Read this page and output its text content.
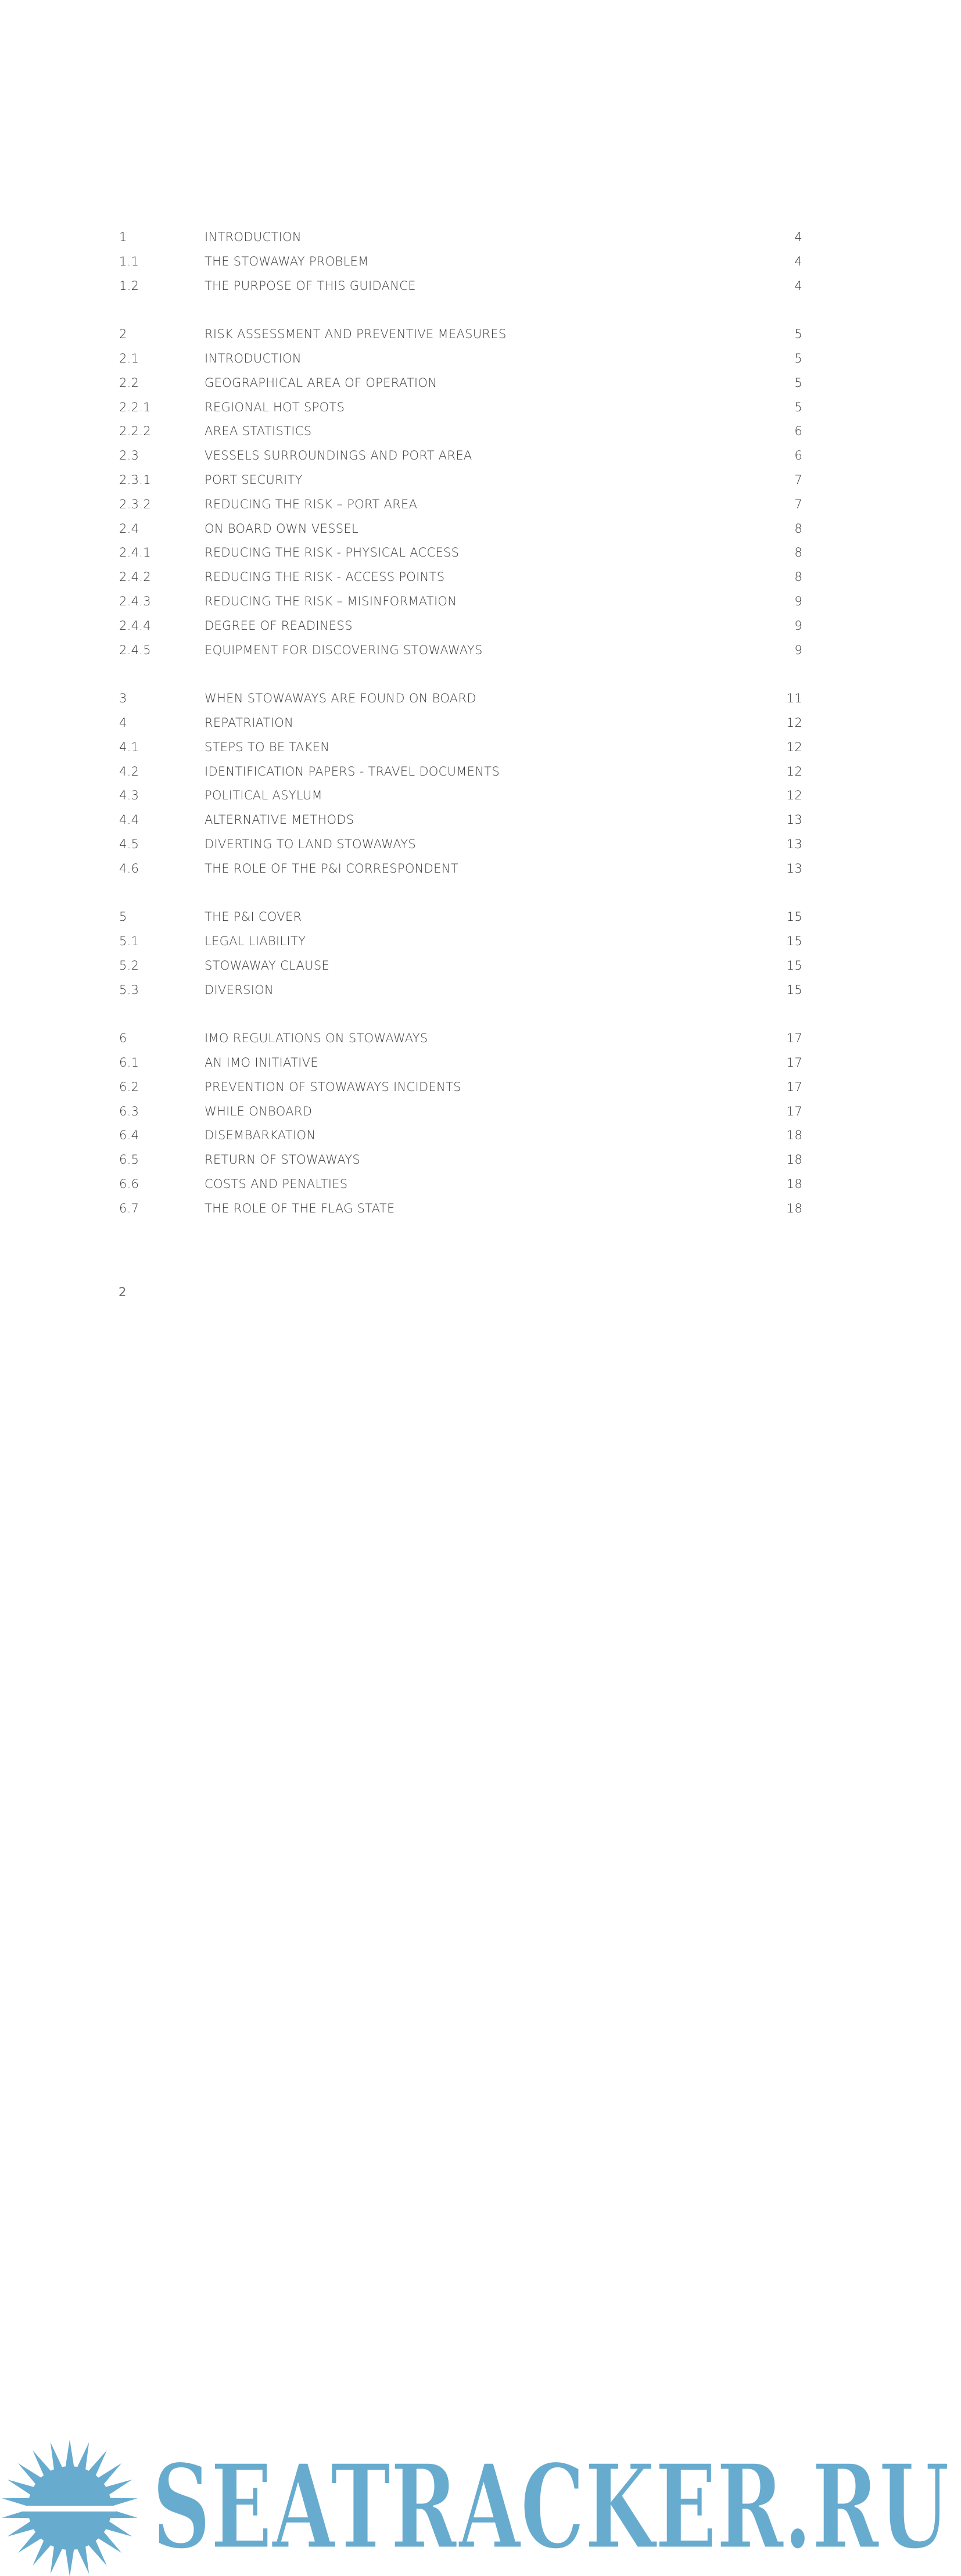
1	INTRODUCTION	4
1.1	THE STOWAWAY PROBLEM	4
1.2	THE PURPOSE OF THIS GUIDANCE	4
2	RISK ASSESSMENT AND PREVENTIVE MEASURES	5
2.1	INTRODUCTION	5
2.2	GEOGRAPHICAL AREA OF OPERATION	5
2.2.1	REGIONAL HOT SPOTS	5
2.2.2	AREA STATISTICS	6
2.3	VESSELS SURROUNDINGS AND PORT AREA	6
2.3.1	PORT SECURITY	7
2.3.2	REDUCING THE RISK – PORT AREA	7
2.4	ON BOARD OWN VESSEL	8
2.4.1	REDUCING THE RISK - PHYSICAL ACCESS	8
2.4.2	REDUCING THE RISK - ACCESS POINTS	8
2.4.3	REDUCING THE RISK – MISINFORMATION	9
2.4.4	DEGREE OF READINESS	9
2.4.5	EQUIPMENT FOR DISCOVERING STOWAWAYS	9
3	WHEN STOWAWAYS ARE FOUND ON BOARD	11
4	REPATRIATION	12
4.1	STEPS TO BE TAKEN	12
4.2	IDENTIFICATION PAPERS - TRAVEL DOCUMENTS	12
4.3	POLITICAL ASYLUM	12
4.4	ALTERNATIVE METHODS	13
4.5	DIVERTING TO LAND STOWAWAYS	13
4.6	THE ROLE OF THE P&I CORRESPONDENT	13
5	THE P&I COVER	15
5.1	LEGAL LIABILITY	15
5.2	STOWAWAY CLAUSE	15
5.3	DIVERSION	15
6	IMO REGULATIONS ON STOWAWAYS	17
6.1	AN IMO INITIATIVE	17
6.2	PREVENTION OF STOWAWAYS INCIDENTS	17
6.3	WHILE ONBOARD	17
6.4	DISEMBARKATION	18
6.5	RETURN OF STOWAWAYS	18
6.6	COSTS AND PENALTIES	18
6.7	THE ROLE OF THE FLAG STATE	18
SEATRACKER.RU
2
